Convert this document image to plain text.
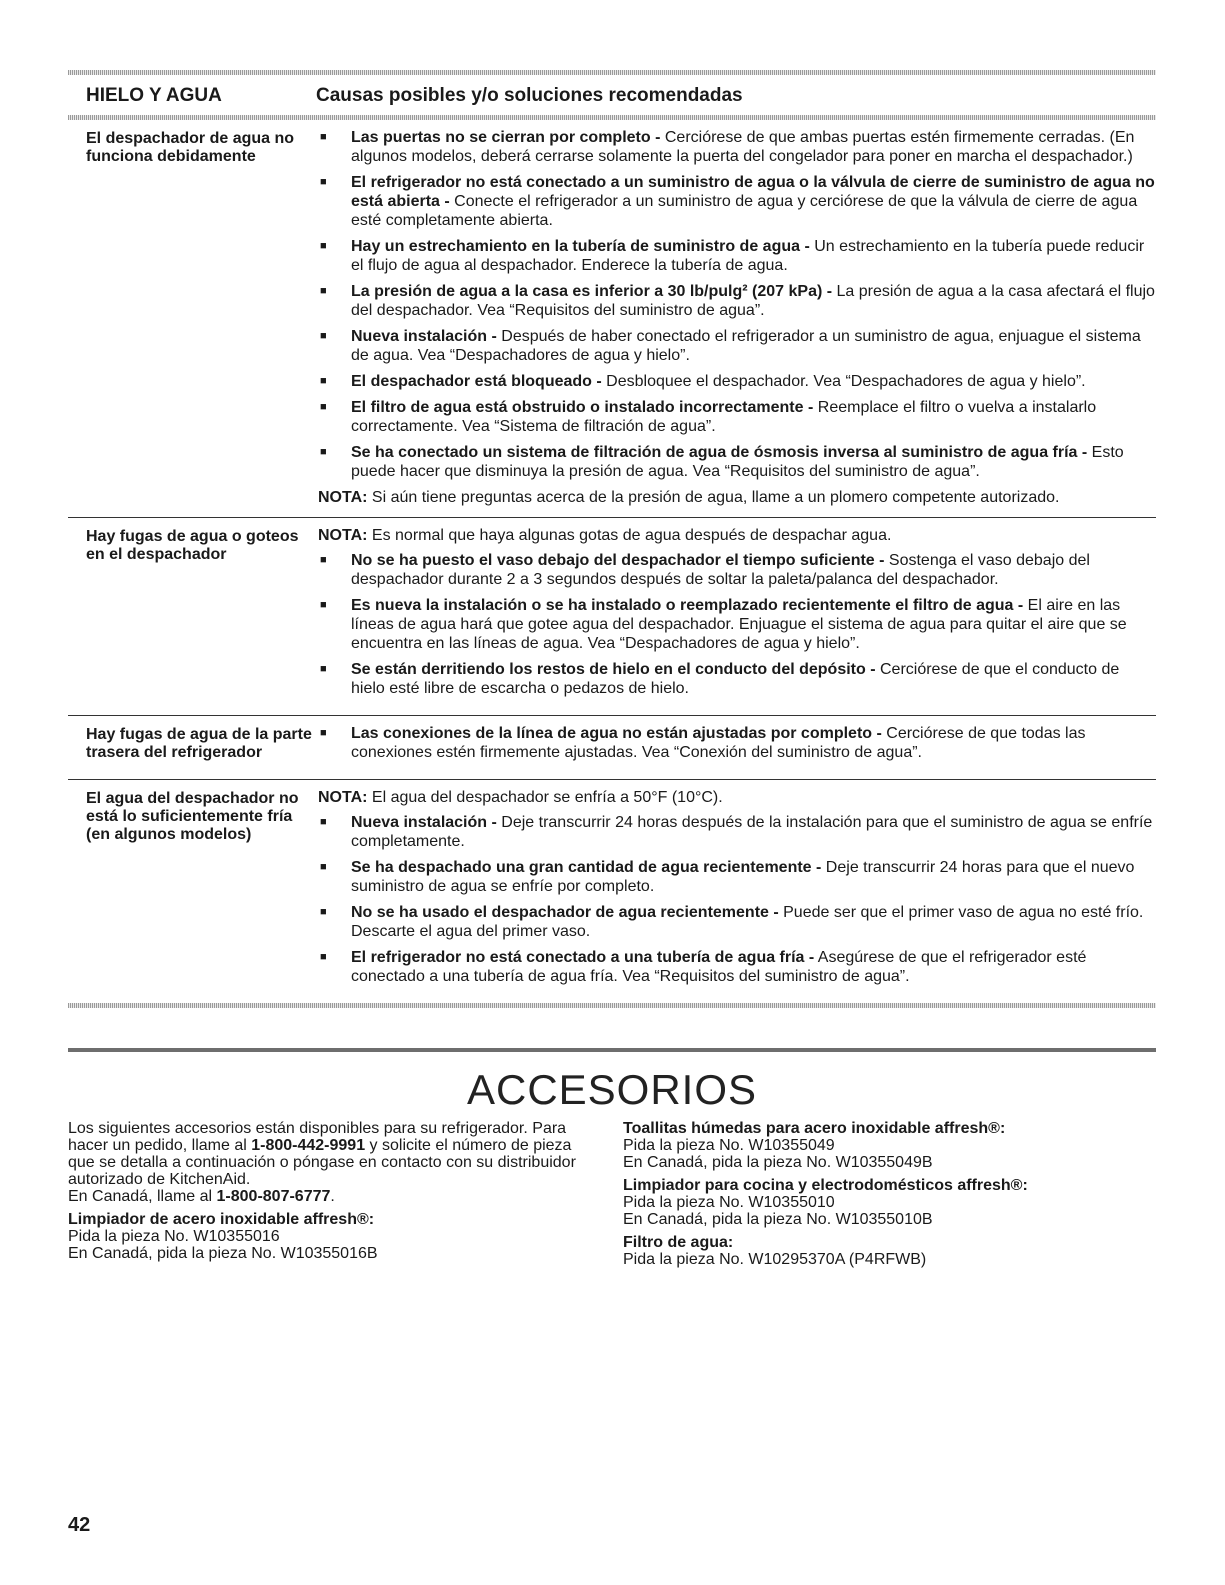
HIELO Y AGUA	Causas posibles y/o soluciones recomendadas
El despachador de agua no funciona debidamente
■	Las puertas no se cierran por completo - Cerciórese de que ambas puertas estén firmemente cerradas. (En algunos modelos, deberá cerrarse solamente la puerta del congelador para poner en marcha el despachador.)
■	El refrigerador no está conectado a un suministro de agua o la válvula de cierre de suministro de agua no está abierta - Conecte el refrigerador a un suministro de agua y cerciórese de que la válvula de cierre de agua esté completamente abierta.
■	Hay un estrechamiento en la tubería de suministro de agua - Un estrechamiento en la tubería puede reducir el flujo de agua al despachador. Enderece la tubería de agua.
■	La presión de agua a la casa es inferior a 30 lb/pulg² (207 kPa) - La presión de agua a la casa afectará el flujo del despachador. Vea “Requisitos del suministro de agua”.
■	Nueva instalación - Después de haber conectado el refrigerador a un suministro de agua, enjuague el sistema de agua. Vea “Despachadores de agua y hielo”.
■	El despachador está bloqueado - Desbloquee el despachador. Vea “Despachadores de agua y hielo”.
■	El filtro de agua está obstruido o instalado incorrectamente - Reemplace el filtro o vuelva a instalarlo correctamente. Vea “Sistema de filtración de agua”.
■	Se ha conectado un sistema de filtración de agua de ósmosis inversa al suministro de agua fría - Esto puede hacer que disminuya la presión de agua. Vea “Requisitos del suministro de agua”.
NOTA: Si aún tiene preguntas acerca de la presión de agua, llame a un plomero competente autorizado.
Hay fugas de agua o goteos en el despachador
NOTA: Es normal que haya algunas gotas de agua después de despachar agua.
■	No se ha puesto el vaso debajo del despachador el tiempo suficiente - Sostenga el vaso debajo del despachador durante 2 a 3 segundos después de soltar la paleta/palanca del despachador.
■	Es nueva la instalación o se ha instalado o reemplazado recientemente el filtro de agua - El aire en las líneas de agua hará que gotee agua del despachador. Enjuague el sistema de agua para quitar el aire que se encuentra en las líneas de agua. Vea “Despachadores de agua y hielo”.
■	Se están derritiendo los restos de hielo en el conducto del depósito - Cerciórese de que el conducto de hielo esté libre de escarcha o pedazos de hielo.
Hay fugas de agua de la parte trasera del refrigerador
■	Las conexiones de la línea de agua no están ajustadas por completo - Cerciórese de que todas las conexiones estén firmemente ajustadas. Vea “Conexión del suministro de agua”.
El agua del despachador no está lo suficientemente fría (en algunos modelos)
NOTA: El agua del despachador se enfría a 50°F (10°C).
■	Nueva instalación - Deje transcurrir 24 horas después de la instalación para que el suministro de agua se enfríe completamente.
■	Se ha despachado una gran cantidad de agua recientemente - Deje transcurrir 24 horas para que el nuevo suministro de agua se enfríe por completo.
■	No se ha usado el despachador de agua recientemente - Puede ser que el primer vaso de agua no esté frío. Descarte el agua del primer vaso.
■	El refrigerador no está conectado a una tubería de agua fría - Asegúrese de que el refrigerador esté conectado a una tubería de agua fría. Vea “Requisitos del suministro de agua”.
ACCESORIOS

Los siguientes accesorios están disponibles para su refrigerador. Para hacer un pedido, llame al 1-800-442-9991 y solicite el número de pieza que se detalla a continuación o póngase en contacto con su distribuidor autorizado de KitchenAid.

En Canadá, llame al 1-800-807-6777.

Limpiador de acero inoxidable affresh®:
Pida la pieza No. W10355016
En Canadá, pida la pieza No. W10355016B
Toallitas húmedas para acero inoxidable affresh®:
Pida la pieza No. W10355049
En Canadá, pida la pieza No. W10355049B
Limpiador para cocina y electrodomésticos affresh®:
Pida la pieza No. W10355010
En Canadá, pida la pieza No. W10355010B
Filtro de agua:
Pida la pieza No. W10295370A (P4RFWB)
42
